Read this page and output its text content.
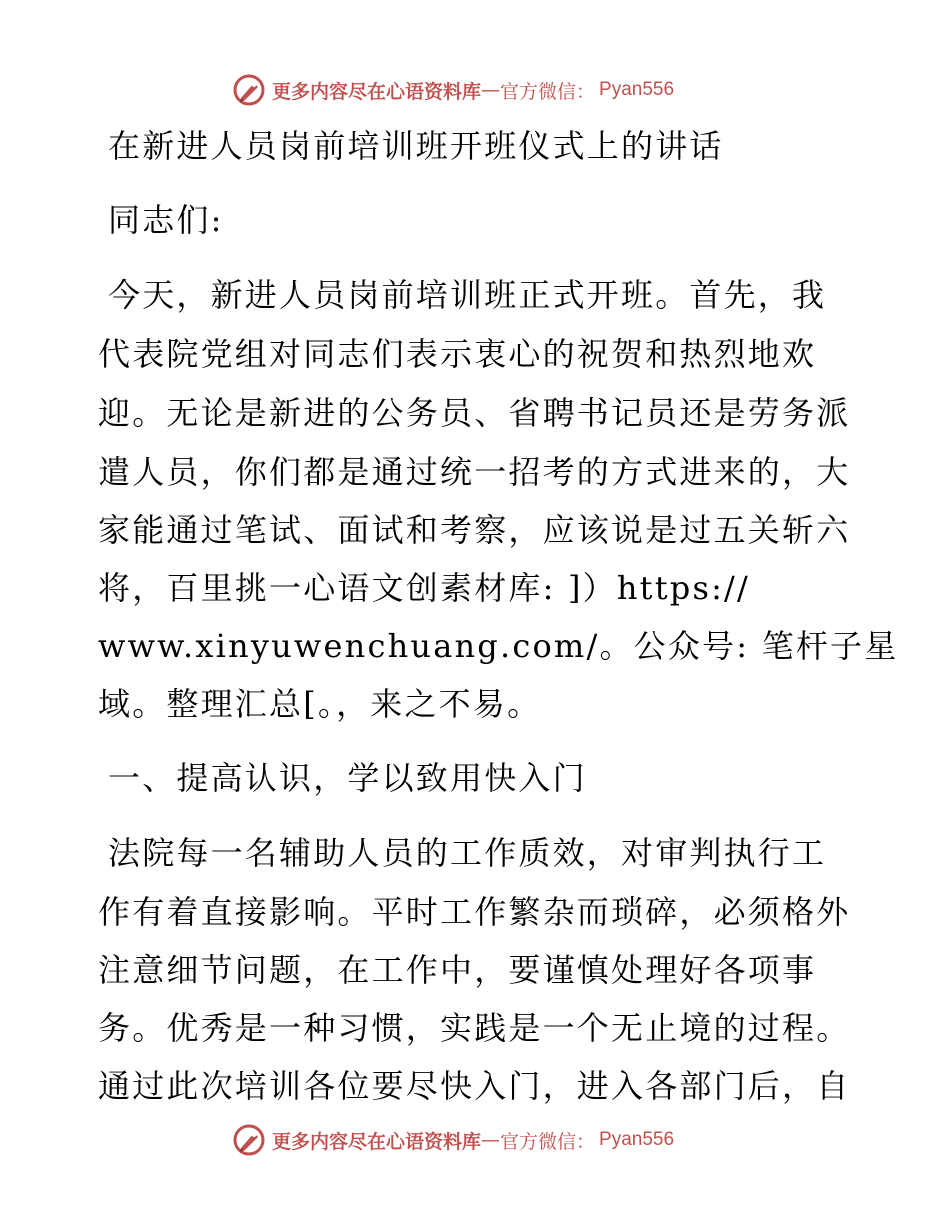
更多内容尽在心语资料库 — 官方微信： Pyan556
在新进人员岗前培训班开班仪式上的讲话
同志们:
今天，新进人员岗前培训班正式开班。首先，我
代表院党组对同志们表示衷心的祝贺和热烈地欢
迎。无论是新进的公务员、省聘书记员还是劳务派
遣人员，你们都是通过统一招考的方式进来的，大
家能通过笔试、面试和考察，应该说是过五关斩六
将，百里挑一心语文创素材库: ]）https://
www.xinyuwenchuang.com/。公众号: 笔杆子星
域。整理汇总[。，来之不易。
一、提高认识，学以致用快入门
法院每一名辅助人员的工作质效，对审判执行工
作有着直接影响。平时工作繁杂而琐碎，必须格外
注意细节问题，在工作中，要谨慎处理好各项事
务。优秀是一种习惯，实践是一个无止境的过程。
通过此次培训各位要尽快入门，进入各部门后，自
更多内容尽在心语资料库 — 官方微信： Pyan556
